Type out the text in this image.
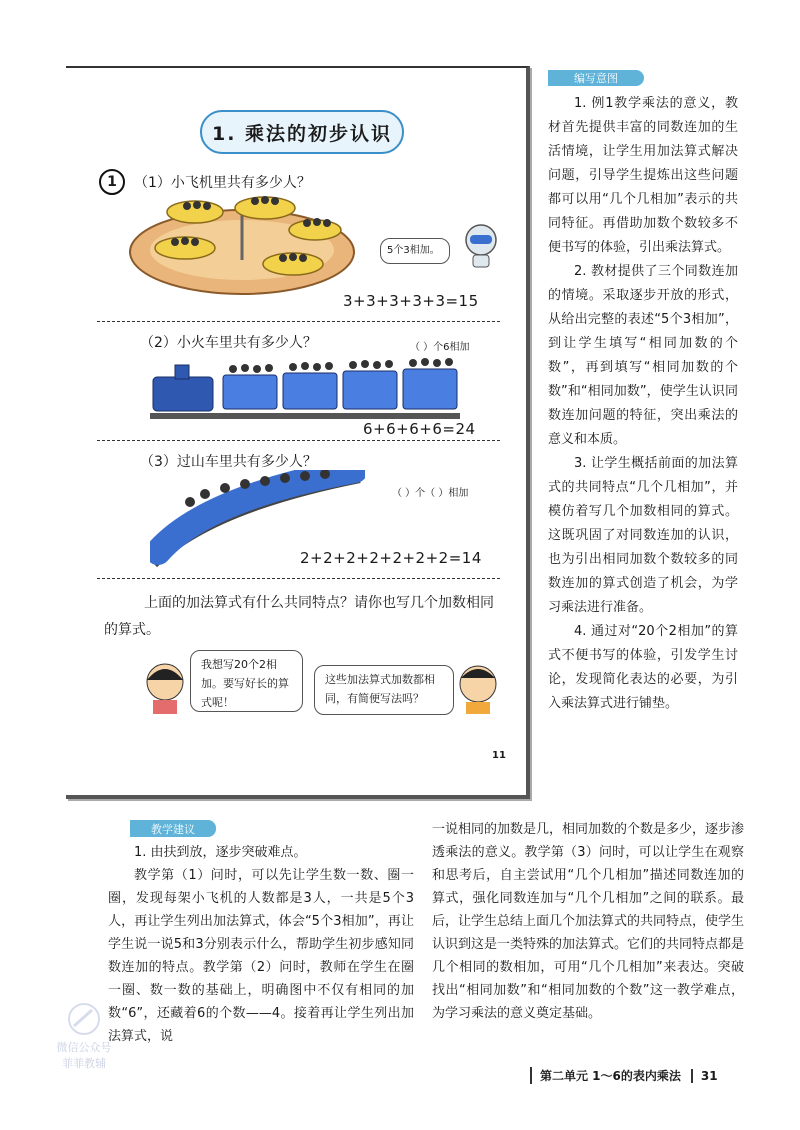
1. 乘法的初步认识
1	（1）小飞机里共有多少人？
5个3相加。
3+3+3+3+3=15
（2）小火车里共有多少人？	（ ）个6相加
6+6+6+6=24
（3）过山车里共有多少人？
（ ）个（ ）相加
2+2+2+2+2+2+2=14
上面的加法算式有什么共同特点？请你也写几个加数相同的算式。
我想写20个2相加。要写好长的算式呢！
这些加法算式加数都相同，有简便写法吗？
11
编写意图

1. 例1教学乘法的意义，教材首先提供丰富的同数连加的生活情境，让学生用加法算式解决问题，引导学生提炼出这些问题都可以用“几个几相加”表示的共同特征。再借助加数个数较多不便书写的体验，引出乘法算式。

2. 教材提供了三个同数连加的情境。采取逐步开放的形式，从给出完整的表述“5个3相加”，到让学生填写“相同加数的个数”，再到填写“相同加数的个数”和“相同加数”，使学生认识同数连加问题的特征，突出乘法的意义和本质。

3. 让学生概括前面的加法算式的共同特点“几个几相加”，并模仿着写几个加数相同的算式。这既巩固了对同数连加的认识，也为引出相同加数个数较多的同数连加的算式创造了机会，为学习乘法进行准备。

4. 通过对“20个2相加”的算式不便书写的体验，引发学生讨论，发现简化表达的必要，为引入乘法算式进行铺垫。

教学建议

1. 由扶到放，逐步突破难点。

教学第（1）问时，可以先让学生数一数、圈一圈，发现每架小飞机的人数都是3人，一共是5个3人，再让学生列出加法算式，体会“5个3相加”，再让学生说一说5和3分别表示什么，帮助学生初步感知同数连加的特点。教学第（2）问时，教师在学生在圈一圈、数一数的基础上，明确图中不仅有相同的加数“6”，还藏着6的个数——4。接着再让学生列出加法算式，说

一说相同的加数是几，相同加数的个数是多少，逐步渗透乘法的意义。教学第（3）问时，可以让学生在观察和思考后，自主尝试用“几个几相加”描述同数连加的算式，强化同数连加与“几个几相加”之间的联系。最后，让学生总结上面几个加法算式的共同特点，使学生认识到这是一类特殊的加法算式。它们的共同特点都是几个相同的数相加，可用“几个几相加”来表达。突破找出“相同加数”和“相同加数的个数”这一教学难点，为学习乘法的意义奠定基础。

第二单元 1～6的表内乘法	31
微信公众号
菲菲教辅
